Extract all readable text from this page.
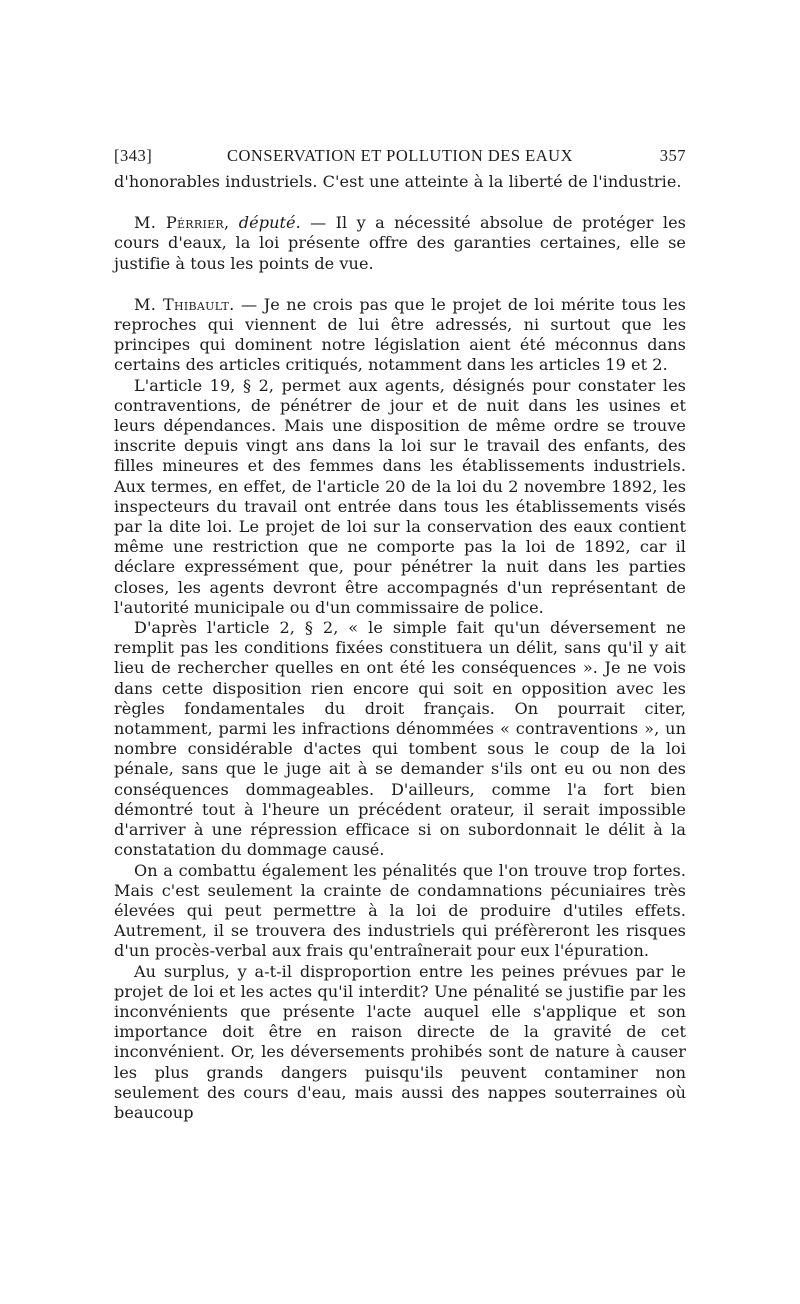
[343]	CONSERVATION ET POLLUTION DES EAUX	357

d'honorables industriels. C'est une atteinte à la liberté de l'industrie.

M. Pérrier, député. — Il y a nécessité absolue de protéger les cours d'eaux, la loi présente offre des garanties certaines, elle se justifie à tous les points de vue.

M. Thibault. — Je ne crois pas que le projet de loi mérite tous les reproches qui viennent de lui être adressés, ni surtout que les principes qui dominent notre législation aient été méconnus dans certains des articles critiqués, notamment dans les articles 19 et 2.

L'article 19, § 2, permet aux agents, désignés pour constater les contraventions, de pénétrer de jour et de nuit dans les usines et leurs dépendances. Mais une disposition de même ordre se trouve inscrite depuis vingt ans dans la loi sur le travail des enfants, des filles mineures et des femmes dans les établissements industriels. Aux termes, en effet, de l'article 20 de la loi du 2 novembre 1892, les inspecteurs du travail ont entrée dans tous les établissements visés par la dite loi. Le projet de loi sur la conservation des eaux contient même une restriction que ne comporte pas la loi de 1892, car il déclare expressément que, pour pénétrer la nuit dans les parties closes, les agents devront être accompagnés d'un représentant de l'autorité municipale ou d'un commissaire de police.

D'après l'article 2, § 2, « le simple fait qu'un déversement ne remplit pas les conditions fixées constituera un délit, sans qu'il y ait lieu de rechercher quelles en ont été les conséquences ». Je ne vois dans cette disposition rien encore qui soit en opposition avec les règles fondamentales du droit français. On pourrait citer, notamment, parmi les infractions dénommées « contraventions », un nombre considérable d'actes qui tombent sous le coup de la loi pénale, sans que le juge ait à se demander s'ils ont eu ou non des conséquences dommageables. D'ailleurs, comme l'a fort bien démontré tout à l'heure un précédent orateur, il serait impossible d'arriver à une répression efficace si on subordonnait le délit à la constatation du dommage causé.

On a combattu également les pénalités que l'on trouve trop fortes. Mais c'est seulement la crainte de condamnations pécuniaires très élevées qui peut permettre à la loi de produire d'utiles effets. Autrement, il se trouvera des industriels qui préfèreront les risques d'un procès-verbal aux frais qu'entraînerait pour eux l'épuration.

Au surplus, y a-t-il disproportion entre les peines prévues par le projet de loi et les actes qu'il interdit? Une pénalité se justifie par les inconvénients que présente l'acte auquel elle s'applique et son importance doit être en raison directe de la gravité de cet inconvénient. Or, les déversements prohibés sont de nature à causer les plus grands dangers puisqu'ils peuvent contaminer non seulement des cours d'eau, mais aussi des nappes souterraines où beaucoup
